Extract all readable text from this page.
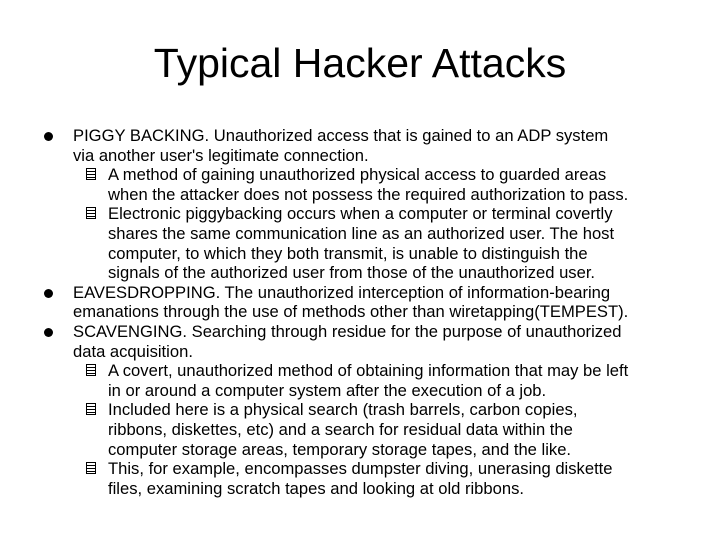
Typical Hacker Attacks
PIGGY BACKING. Unauthorized access that is gained to an ADP system
via another user's legitimate connection.
A method of gaining unauthorized physical access to guarded areas
when the attacker does not possess the required authorization to pass.
Electronic piggybacking occurs when a computer or terminal covertly
shares the same communication line as an authorized user. The host
computer, to which they both transmit, is unable to distinguish the
signals of the authorized user from those of the unauthorized user.
EAVESDROPPING. The unauthorized interception of information-bearing
emanations through the use of methods other than wiretapping(TEMPEST).
SCAVENGING. Searching through residue for the purpose of unauthorized
data acquisition.
A covert, unauthorized method of obtaining information that may be left
in or around a computer system after the execution of a job.
Included here is a physical search (trash barrels, carbon copies,
ribbons, diskettes, etc) and a search for residual data within the
computer storage areas, temporary storage tapes, and the like.
This, for example, encompasses dumpster diving, unerasing diskette
files, examining scratch tapes and looking at old ribbons.
